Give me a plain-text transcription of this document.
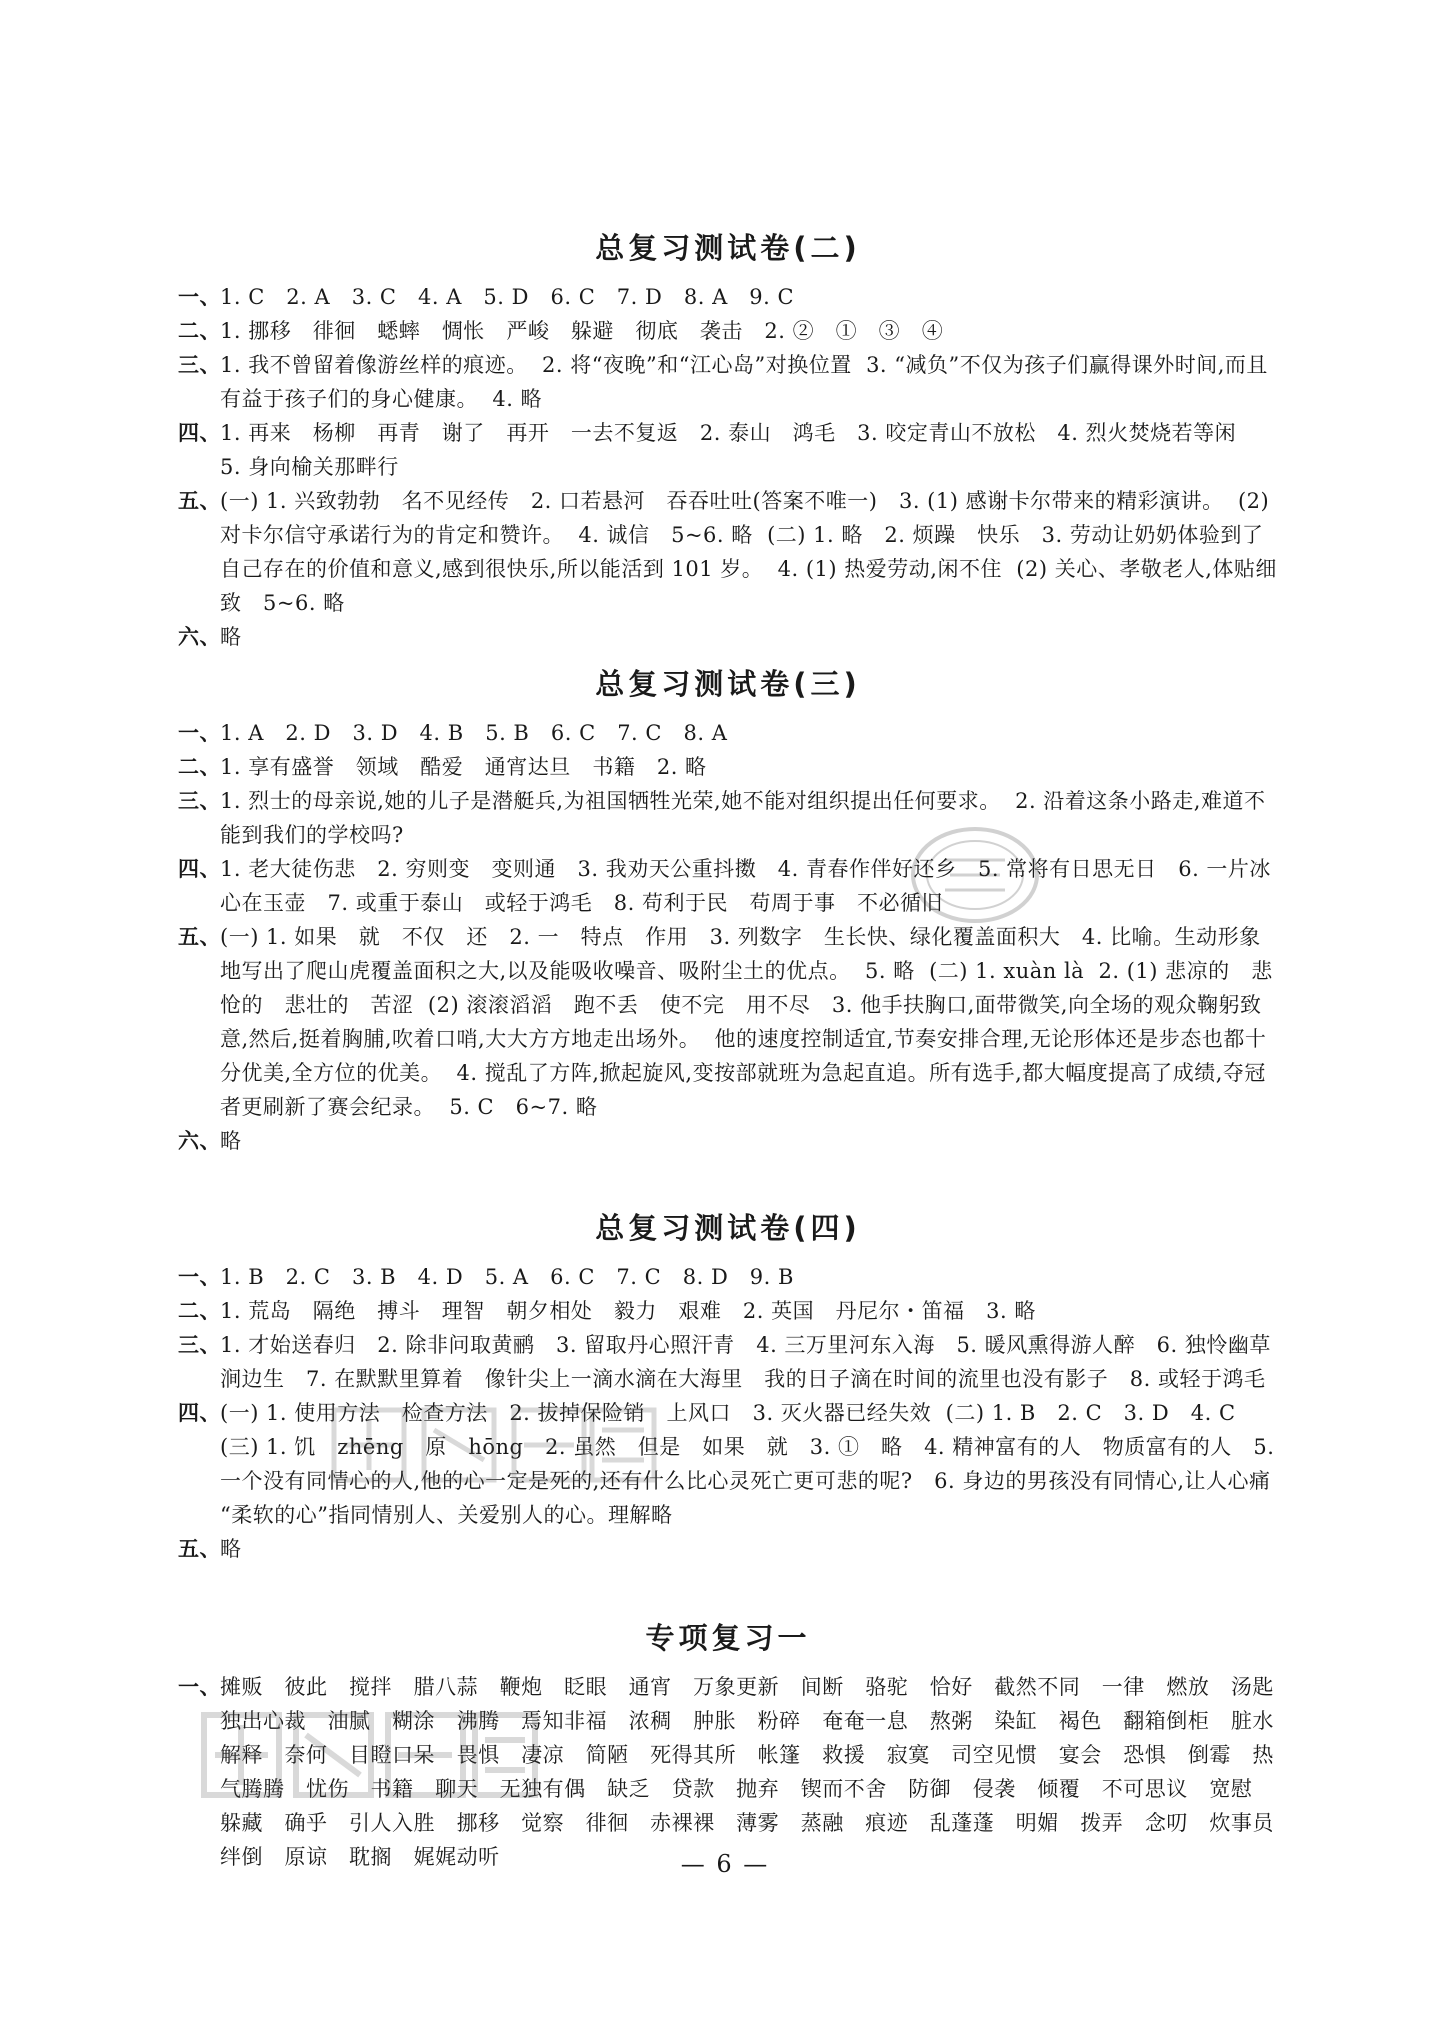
总复习测试卷(二)
一、 1. C   2. A   3. C   4. A   5. D   6. C   7. D   8. A   9. C
二、 1. 挪移   徘徊   蟋蟀   惆怅   严峻   躲避   彻底   袭击   2. ②   ①   ③   ④
三、 1. 我不曾留着像游丝样的痕迹。  2. 将“夜晚”和“江心岛”对换位置  3. “减负”不仅为孩子们赢得课外时间,而且有益于孩子们的身心健康。  4. 略
四、 1. 再来   杨柳   再青   谢了   再开   一去不复返   2. 泰山   鸿毛   3. 咬定青山不放松   4. 烈火焚烧若等闲   5. 身向榆关那畔行
五、 (一) 1. 兴致勃勃   名不见经传   2. 口若悬河   吞吞吐吐(答案不唯一)   3. (1) 感谢卡尔带来的精彩演讲。  (2) 对卡尔信守承诺行为的肯定和赞许。  4. 诚信   5~6. 略  (二) 1. 略   2. 烦躁   快乐   3. 劳动让奶奶体验到了自己存在的价值和意义,感到很快乐,所以能活到 101 岁。  4. (1) 热爱劳动,闲不住  (2) 关心、孝敬老人,体贴细致   5~6. 略
六、 略
总复习测试卷(三)
一、 1. A   2. D   3. D   4. B   5. B   6. C   7. C   8. A
二、 1. 享有盛誉   领域   酷爱   通宵达旦   书籍   2. 略
三、 1. 烈士的母亲说,她的儿子是潜艇兵,为祖国牺牲光荣,她不能对组织提出任何要求。  2. 沿着这条小路走,难道不能到我们的学校吗?
四、 1. 老大徒伤悲   2. 穷则变   变则通   3. 我劝天公重抖擞   4. 青春作伴好还乡   5. 常将有日思无日   6. 一片冰心在玉壶   7. 或重于泰山   或轻于鸿毛   8. 苟利于民   苟周于事   不必循旧
五、 (一) 1. 如果   就   不仅   还   2. 一   特点   作用   3. 列数字   生长快、绿化覆盖面积大   4. 比喻。生动形象地写出了爬山虎覆盖面积之大,以及能吸收噪音、吸附尘土的优点。  5. 略  (二) 1. xuàn là  2. (1) 悲凉的   悲怆的   悲壮的   苦涩  (2) 滚滚滔滔   跑不丢   使不完   用不尽   3. 他手扶胸口,面带微笑,向全场的观众鞠躬致意,然后,挺着胸脯,吹着口哨,大大方方地走出场外。  他的速度控制适宜,节奏安排合理,无论形体还是步态也都十分优美,全方位的优美。  4. 搅乱了方阵,掀起旋风,变按部就班为急起直追。所有选手,都大幅度提高了成绩,夺冠者更刷新了赛会纪录。  5. C   6~7. 略
六、 略
总复习测试卷(四)
一、 1. B   2. C   3. B   4. D   5. A   6. C   7. C   8. D   9. B
二、 1. 荒岛   隔绝   搏斗   理智   朝夕相处   毅力   艰难   2. 英国   丹尼尔・笛福   3. 略
三、 1. 才始送春归   2. 除非问取黄鹂   3. 留取丹心照汗青   4. 三万里河东入海   5. 暖风熏得游人醉   6. 独怜幽草涧边生   7. 在默默里算着   像针尖上一滴水滴在大海里   我的日子滴在时间的流里也没有影子   8. 或轻于鸿毛
四、 (一) 1. 使用方法   检查方法   2. 拔掉保险销   上风口   3. 灭火器已经失效  (二) 1. B   2. C   3. D   4. C  (三) 1. 饥   zhēng   原   hōng   2. 虽然   但是   如果   就   3. ①   略   4. 精神富有的人   物质富有的人   5. 一个没有同情心的人,他的心一定是死的,还有什么比心灵死亡更可悲的呢?   6. 身边的男孩没有同情心,让人心痛  “柔软的心”指同情别人、关爱别人的心。理解略
五、 略
专项复习一
一、 摊贩   彼此   搅拌   腊八蒜   鞭炮   眨眼   通宵   万象更新   间断   骆驼   恰好   截然不同   一律   燃放   汤匙   独出心裁   油腻   糊涂   沸腾   焉知非福   浓稠   肿胀   粉碎   奄奄一息   熬粥   染缸   褐色   翻箱倒柜   脏水   解释   奈何   目瞪口呆   畏惧   凄凉   简陋   死得其所   帐篷   救援   寂寞   司空见惯   宴会   恐惧   倒霉   热气腾腾   忧伤   书籍   聊天   无独有偶   缺乏   贷款   抛弃   锲而不舍   防御   侵袭   倾覆   不可思议   宽慰   躲藏   确乎   引人入胜   挪移   觉察   徘徊   赤裸裸   薄雾   蒸融   痕迹   乱蓬蓬   明媚   拨弄   念叨   炊事员   绊倒   原谅   耽搁   娓娓动听	— 6 —
